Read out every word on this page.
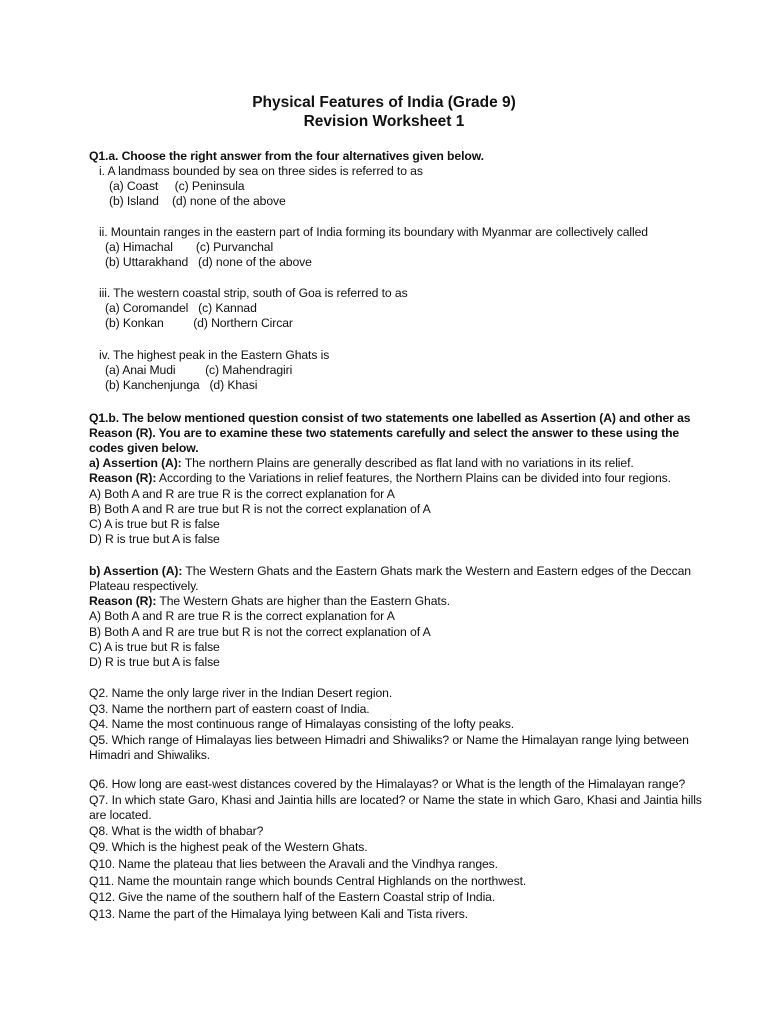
Physical Features of India (Grade 9)
Revision Worksheet 1
Q1.a. Choose the right answer from the four alternatives given below.
i. A landmass bounded by sea on three sides is referred to as
(a) Coast     (c) Peninsula
(b) Island    (d) none of the above
ii. Mountain ranges in the eastern part of India forming its boundary with Myanmar are collectively called
(a) Himachal       (c) Purvanchal
(b) Uttarakhand   (d) none of the above
iii. The western coastal strip, south of Goa is referred to as
(a) Coromandel   (c) Kannad
(b) Konkan         (d) Northern Circar
iv. The highest peak in the Eastern Ghats is
(a) Anai Mudi         (c) Mahendragiri
(b) Kanchenjunga   (d) Khasi
Q1.b. The below mentioned question consist of two statements one labelled as Assertion (A) and other as
Reason (R). You are to examine these two statements carefully and select the answer to these using the
codes given below.
a) Assertion (A): The northern Plains are generally described as flat land with no variations in its relief.
Reason (R): According to the Variations in relief features, the Northern Plains can be divided into four regions.
A) Both A and R are true R is the correct explanation for A
B) Both A and R are true but R is not the correct explanation of A
C) A is true but R is false
D) R is true but A is false
b) Assertion (A): The Western Ghats and the Eastern Ghats mark the Western and Eastern edges of the Deccan
Plateau respectively.
Reason (R): The Western Ghats are higher than the Eastern Ghats.
A) Both A and R are true R is the correct explanation for A
B) Both A and R are true but R is not the correct explanation of A
C) A is true but R is false
D) R is true but A is false
Q2. Name the only large river in the Indian Desert region.
Q3. Name the northern part of eastern coast of India.
Q4. Name the most continuous range of Himalayas consisting of the lofty peaks.
Q5. Which range of Himalayas lies between Himadri and Shiwaliks? or Name the Himalayan range lying between
Himadri and Shiwaliks.
Q6. How long are east-west distances covered by the Himalayas? or What is the length of the Himalayan range?
Q7. In which state Garo, Khasi and Jaintia hills are located? or Name the state in which Garo, Khasi and Jaintia hills
are located.
Q8. What is the width of bhabar?
Q9. Which is the highest peak of the Western Ghats.
Q10. Name the plateau that lies between the Aravali and the Vindhya ranges.
Q11. Name the mountain range which bounds Central Highlands on the northwest.
Q12. Give the name of the southern half of the Eastern Coastal strip of India.
Q13. Name the part of the Himalaya lying between Kali and Tista rivers.
